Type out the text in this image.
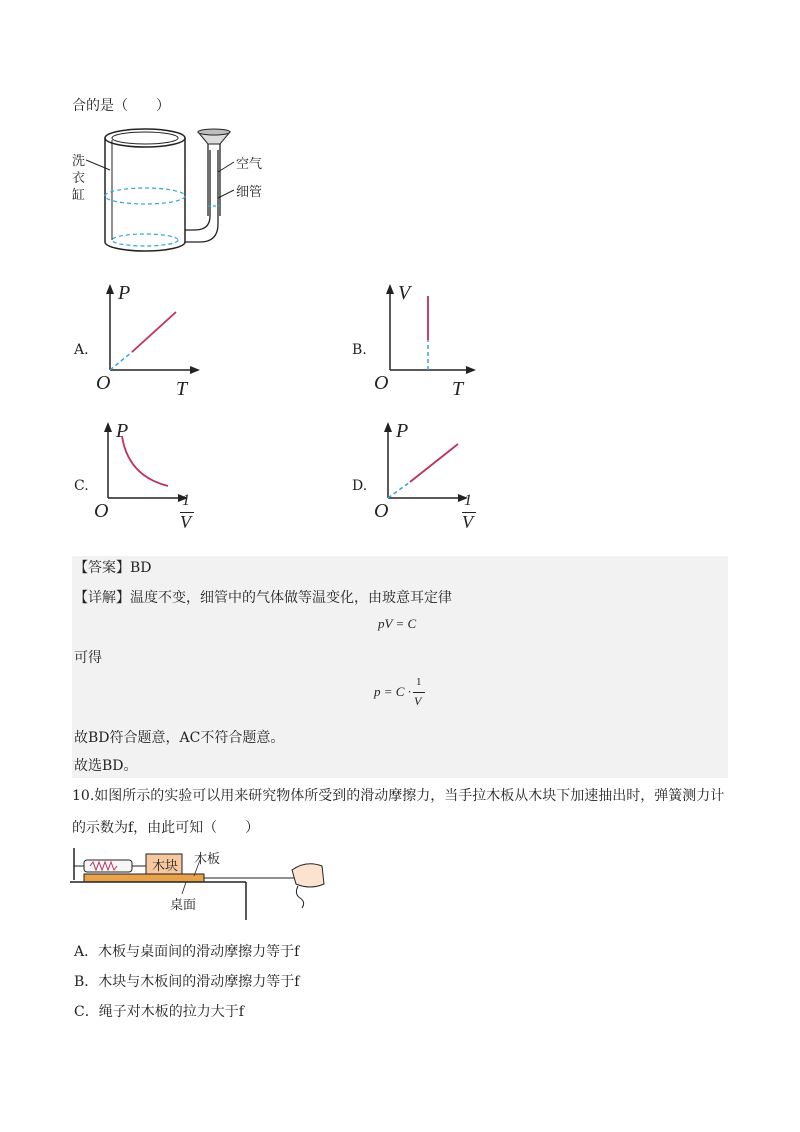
合的是（　　）
洗
衣
缸
空气
细管
A.
P
T
O
B.
V
T
O
C.
P
O	1
V
D.
P
O	1
V
【答案】BD
【详解】温度不变，细管中的气体做等温变化，由玻意耳定律
pV = C
可得
p = C ·
1
V
故BD符合题意，AC不符合题意。
故选BD。
10.如图所示的实验可以用来研究物体所受到的滑动摩擦力，当手拉木板从木块下加速抽出时，弹簧测力计
的示数为f，由此可知（　　）
木块 木板
桌面
A．木板与桌面间的滑动摩擦力等于f
B．木块与木板间的滑动摩擦力等于f
C．绳子对木板的拉力大于f
